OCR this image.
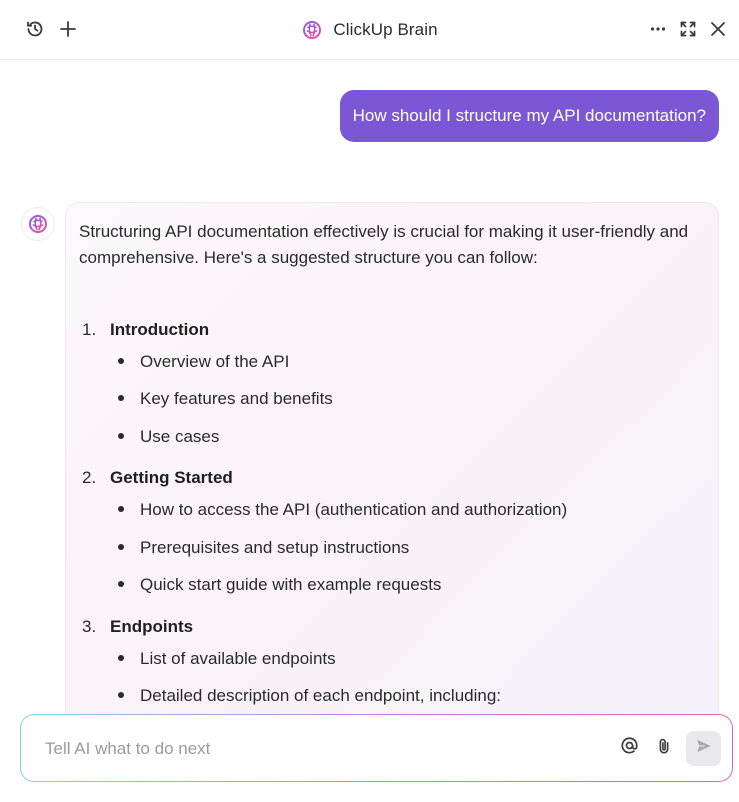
ClickUp Brain
How should I structure my API documentation?

Structuring API documentation effectively is crucial for making it user-friendly and comprehensive. Here's a suggested structure you can follow:

1. Introduction
Overview of the API
Key features and benefits
Use cases
2. Getting Started
How to access the API (authentication and authorization)
Prerequisites and setup instructions
Quick start guide with example requests
3. Endpoints
List of available endpoints
Detailed description of each endpoint, including:
Tell AI what to do next
